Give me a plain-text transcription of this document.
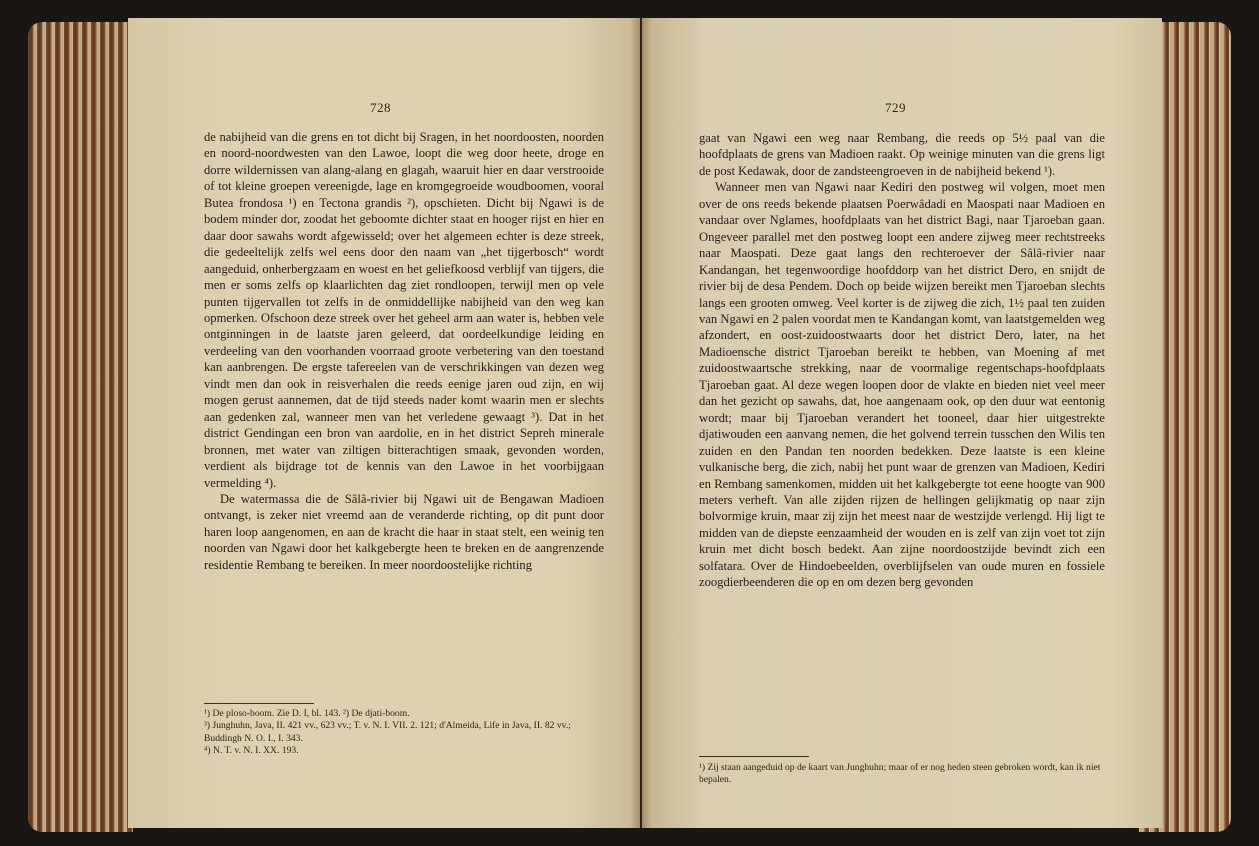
728

de nabijheid van die grens en tot dicht bij Sragen, in het noordoosten, noorden en noord-noordwesten van den Lawoe, loopt die weg door heete, droge en dorre wildernissen van alang-alang en glagah, waaruit hier en daar verstrooide of tot kleine groepen vereenigde, lage en kromgegroeide woudboomen, vooral Butea frondosa ¹) en Tectona grandis ²), opschieten. Dicht bij Ngawi is de bodem minder dor, zoodat het geboomte dichter staat en hooger rijst en hier en daar door sawahs wordt afgewisseld; over het algemeen echter is deze streek, die gedeeltelijk zelfs wel eens door den naam van „het tijgerbosch“ wordt aangeduid, onherbergzaam en woest en het geliefkoosd verblijf van tijgers, die men er soms zelfs op klaarlichten dag ziet rondloopen, terwijl men op vele punten tijgervallen tot zelfs in de onmiddellijke nabijheid van den weg kan opmerken. Ofschoon deze streek over het geheel arm aan water is, hebben vele ontginningen in de laatste jaren geleerd, dat oordeelkundige leiding en verdeeling van den voorhanden voorraad groote verbetering van den toestand kan aanbrengen. De ergste tafereelen van de verschrikkingen van dezen weg vindt men dan ook in reisverhalen die reeds eenige jaren oud zijn, en wij mogen gerust aannemen, dat de tijd steeds nader komt waarin men er slechts aan gedenken zal, wanneer men van het verledene gewaagt ³). Dat in het district Gendingan een bron van aardolie, en in het district Sepreh minerale bronnen, met water van ziltigen bitterachtigen smaak, gevonden worden, verdient als bijdrage tot de kennis van den Lawoe in het voorbijgaan vermelding ⁴).

De watermassa die de Sâlâ-rivier bij Ngawi uit de Bengawan Madioen ontvangt, is zeker niet vreemd aan de veranderde richting, op dit punt door haren loop aangenomen, en aan de kracht die haar in staat stelt, een weinig ten noorden van Ngawi door het kalkgebergte heen te breken en de aangrenzende residentie Rembang te bereiken. In meer noordoostelijke richting

¹) De ploso-boom. Zie D. I, bl. 143. ²) De djati-boom.
³) Junghuhn, Java, II. 421 vv., 623 vv.; T. v. N. I. VII. 2. 121; d'Almeida, Life in Java, II. 82 vv.; Buddingh N. O. I., I. 343.
⁴) N. T. v. N. I. XX. 193.
729

gaat van Ngawi een weg naar Rembang, die reeds op 5½ paal van die hoofdplaats de grens van Madioen raakt. Op weinige minuten van die grens ligt de post Kedawak, door de zandsteengroeven in de nabijheid bekend ¹).

Wanneer men van Ngawi naar Kediri den postweg wil volgen, moet men over de ons reeds bekende plaatsen Poerwâdadi en Maospati naar Madioen en vandaar over Nglames, hoofdplaats van het district Bagi, naar Tjaroeban gaan. Ongeveer parallel met den postweg loopt een andere zijweg meer rechtstreeks naar Maospati. Deze gaat langs den rechteroever der Sâlâ-rivier naar Kandangan, het tegenwoordige hoofddorp van het district Dero, en snijdt de rivier bij de desa Pendem. Doch op beide wijzen bereikt men Tjaroeban slechts langs een grooten omweg. Veel korter is de zijweg die zich, 1½ paal ten zuiden van Ngawi en 2 palen voordat men te Kandangan komt, van laatstgemelden weg afzondert, en oost-zuidoostwaarts door het district Dero, later, na het Madioensche district Tjaroeban bereikt te hebben, van Moening af met zuidoostwaartsche strekking, naar de voormalige regentschaps-hoofdplaats Tjaroeban gaat. Al deze wegen loopen door de vlakte en bieden niet veel meer dan het gezicht op sawahs, dat, hoe aangenaam ook, op den duur wat eentonig wordt; maar bij Tjaroeban verandert het tooneel, daar hier uitgestrekte djatiwouden een aanvang nemen, die het golvend terrein tusschen den Wilis ten zuiden en den Pandan ten noorden bedekken. Deze laatste is een kleine vulkanische berg, die zich, nabij het punt waar de grenzen van Madioen, Kediri en Rembang samenkomen, midden uit het kalkgebergte tot eene hoogte van 900 meters verheft. Van alle zijden rijzen de hellingen gelijkmatig op naar zijn bolvormige kruin, maar zij zijn het meest naar de westzijde verlengd. Hij ligt te midden van de diepste eenzaamheid der wouden en is zelf van zijn voet tot zijn kruin met dicht bosch bedekt. Aan zijne noordoostzijde bevindt zich een solfatara. Over de Hindoebeelden, overblijfselen van oude muren en fossiele zoogdierbeenderen die op en om dezen berg gevonden

¹) Zij staan aangeduid op de kaart van Junghuhn; maar of er nog heden steen gebroken wordt, kan ik niet bepalen.
